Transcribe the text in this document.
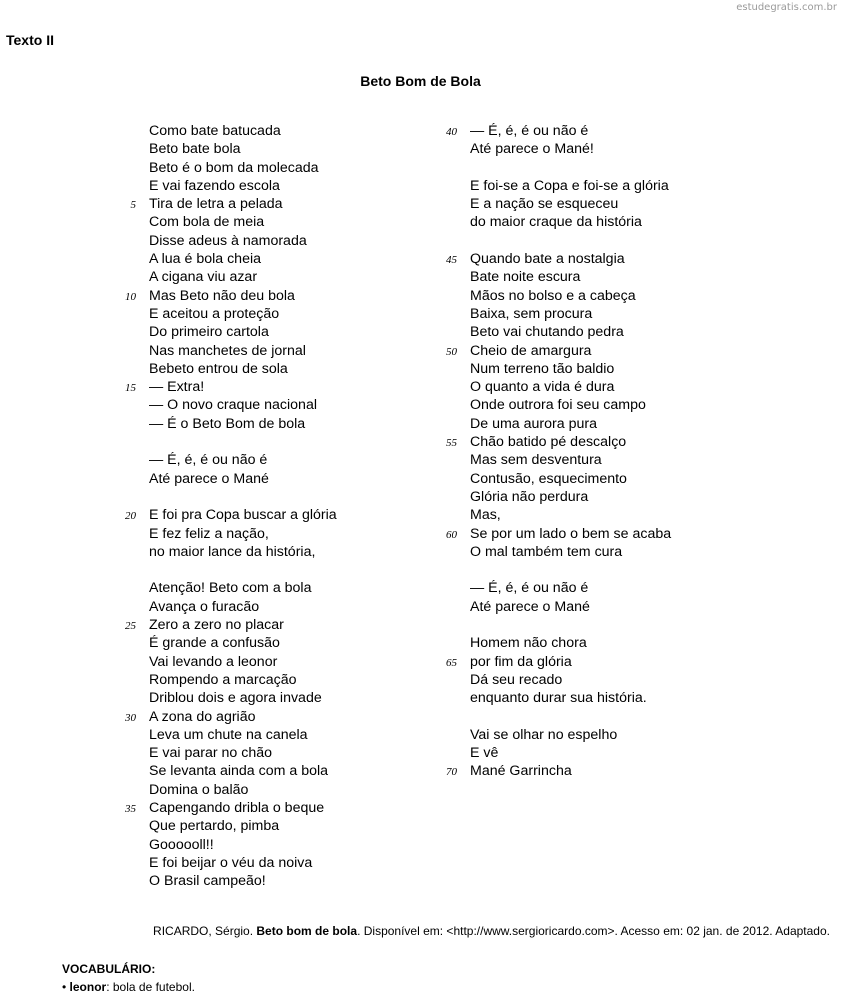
estudegratis.com.br
Texto II
Beto Bom de Bola
Como bate batucada
Beto bate bola
Beto é o bom da molecada
E vai fazendo escola
5 Tira de letra a pelada
Com bola de meia
Disse adeus à namorada
A lua é bola cheia
A cigana viu azar
10 Mas Beto não deu bola
E aceitou a proteção
Do primeiro cartola
Nas manchetes de jornal
Bebeto entrou de sola
15 — Extra!
— O novo craque nacional
— É o Beto Bom de bola
— É, é, é ou não é
Até parece o Mané
20 E foi pra Copa buscar a glória
E fez feliz a nação,
no maior lance da história,
Atenção! Beto com a bola
Avança o furacão
25 Zero a zero no placar
É grande a confusão
Vai levando a leonor
Rompendo a marcação
Driblou dois e agora invade
30 A zona do agrião
Leva um chute na canela
E vai parar no chão
Se levanta ainda com a bola
Domina o balão
35 Capengando dribla o beque
Que pertardo, pimba
Goooooll!!
E foi beijar o véu da noiva
O Brasil campeão!
40 — É, é, é ou não é
Até parece o Mané!
E foi-se a Copa e foi-se a glória
E a nação se esqueceu
do maior craque da história
45 Quando bate a nostalgia
Bate noite escura
Mãos no bolso e a cabeça
Baixa, sem procura
Beto vai chutando pedra
50 Cheio de amargura
Num terreno tão baldio
O quanto a vida é dura
Onde outrora foi seu campo
De uma aurora pura
55 Chão batido pé descalço
Mas sem desventura
Contusão, esquecimento
Glória não perdura
Mas,
60 Se por um lado o bem se acaba
O mal também tem cura
— É, é, é ou não é
Até parece o Mané
Homem não chora
65 por fim da glória
Dá seu recado
enquanto durar sua história.
Vai se olhar no espelho
E vê
70 Mané Garrincha
RICARDO, Sérgio. Beto bom de bola. Disponível em: <http://www.sergioricardo.com>. Acesso em: 02 jan. de 2012. Adaptado.
VOCABULÁRIO:
• leonor: bola de futebol.
